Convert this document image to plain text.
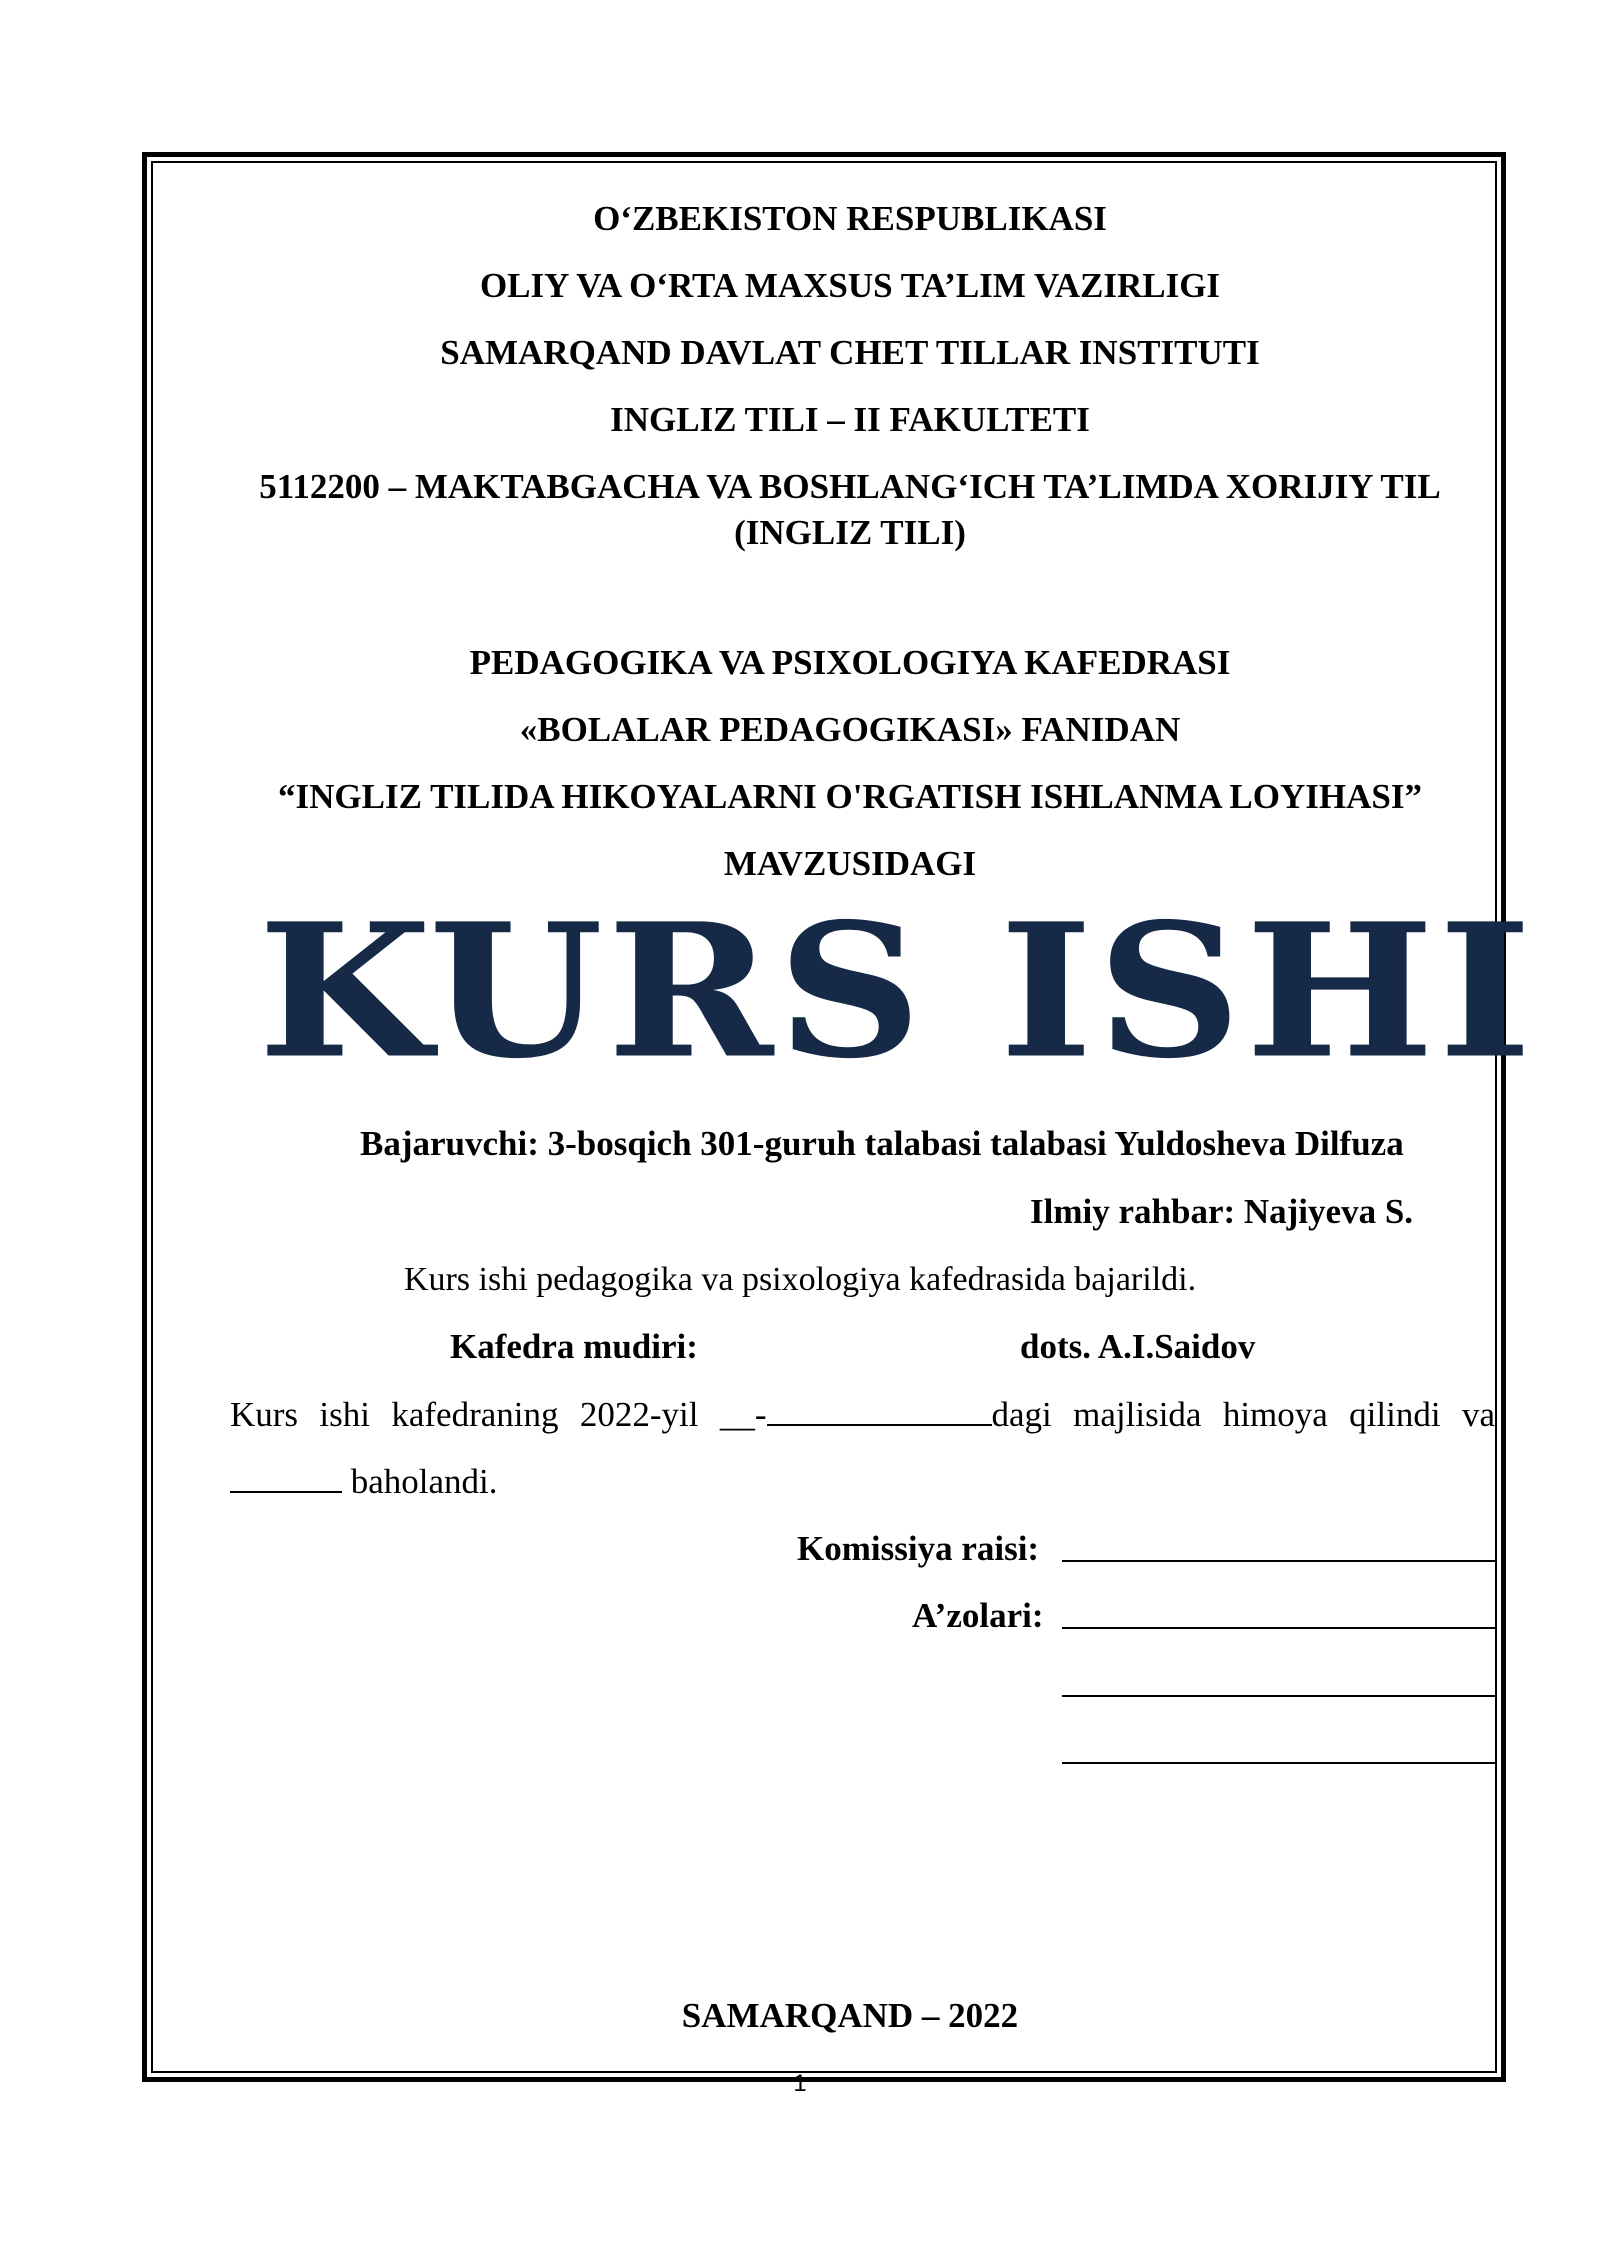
O‘ZBEKISTON RESPUBLIKASI
OLIY VA O‘RTA MAXSUS TA’LIM VAZIRLIGI
SAMARQAND DAVLAT CHET TILLAR INSTITUTI
INGLIZ TILI – II FAKULTETI
5112200 – MAKTABGACHA VA BOSHLANG‘ICH TA’LIMDA XORIJIY TIL (INGLIZ TILI)
PEDAGOGIKA VA PSIXOLOGIYA KAFEDRASI
«BOLALAR PEDAGOGIKASI» FANIDAN
“INGLIZ TILIDA HIKOYALARNI O'RGATISH ISHLANMA LOYIHASI”
MAVZUSIDAGI
KURS ISHI
Bajaruvchi: 3-bosqich 301-guruh talabasi talabasi Yuldosheva Dilfuza
Ilmiy rahbar: Najiyeva S.
Kurs ishi pedagogika va psixologiya kafedrasida bajarildi.
Kafedra mudiri:	dots. A.I.Saidov
Kurs ishi kafedraning 2022-yil __-	dagi majlisida himoya qilindi va
baholandi.
Komissiya raisi:
A’zolari:
SAMARQAND – 2022
1
